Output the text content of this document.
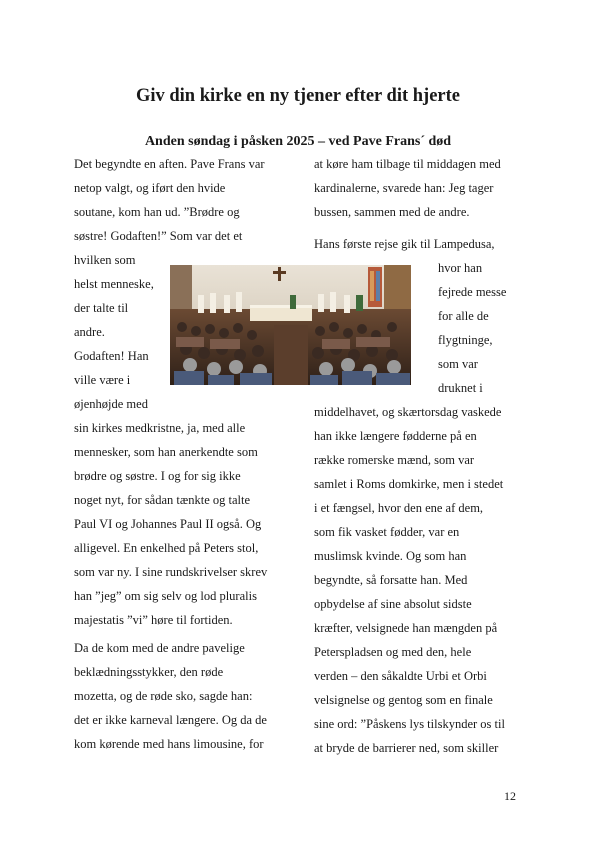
Giv din kirke en ny tjener efter dit hjerte
Anden søndag i påsken 2025 – ved Pave Frans´ død
Det begyndte en aften. Pave Frans var
netop valgt, og iført den hvide
soutane, kom han ud. ”Brødre og
søstre! Godaften!” Som var det et
hvilken som
helst menneske,
der talte til
andre.
Godaften! Han
ville være i
øjenhøjde med
sin kirkes medkristne, ja, med alle
mennesker, som han anerkendte som
brødre og søstre. I og for sig ikke
noget nyt, for sådan tænkte og talte
Paul VI og Johannes Paul II også. Og
alligevel. En enkelhed på Peters stol,
som var ny. I sine rundskrivelser skrev
han ”jeg” om sig selv og lod pluralis
majestatis ”vi” høre til fortiden.
Da de kom med de andre pavelige
beklædningsstykker, den røde
mozetta, og de røde sko, sagde han:
det er ikke karneval længere. Og da de
kom kørende med hans limousine, for
at køre ham tilbage til middagen med
kardinalerne, svarede han: Jeg tager
bussen, sammen med de andre.
Hans første rejse gik til Lampedusa,
hvor han
fejrede messe
for alle de
flygtninge,
som var
druknet i
middelhavet, og skærtorsdag vaskede
han ikke længere fødderne på en
række romerske mænd, som var
samlet i Roms domkirke, men i stedet
i et fængsel, hvor den ene af dem,
som fik vasket fødder, var en
muslimsk kvinde. Og som han
begyndte, så forsatte han. Med
opbydelse af sine absolut sidste
kræfter, velsignede han mængden på
Peterspladsen og med den, hele
verden – den såkaldte Urbi et Orbi
velsignelse og gentog som en finale
sine ord: ”Påskens lys tilskynder os til
at bryde de barrierer ned, som skiller
12
